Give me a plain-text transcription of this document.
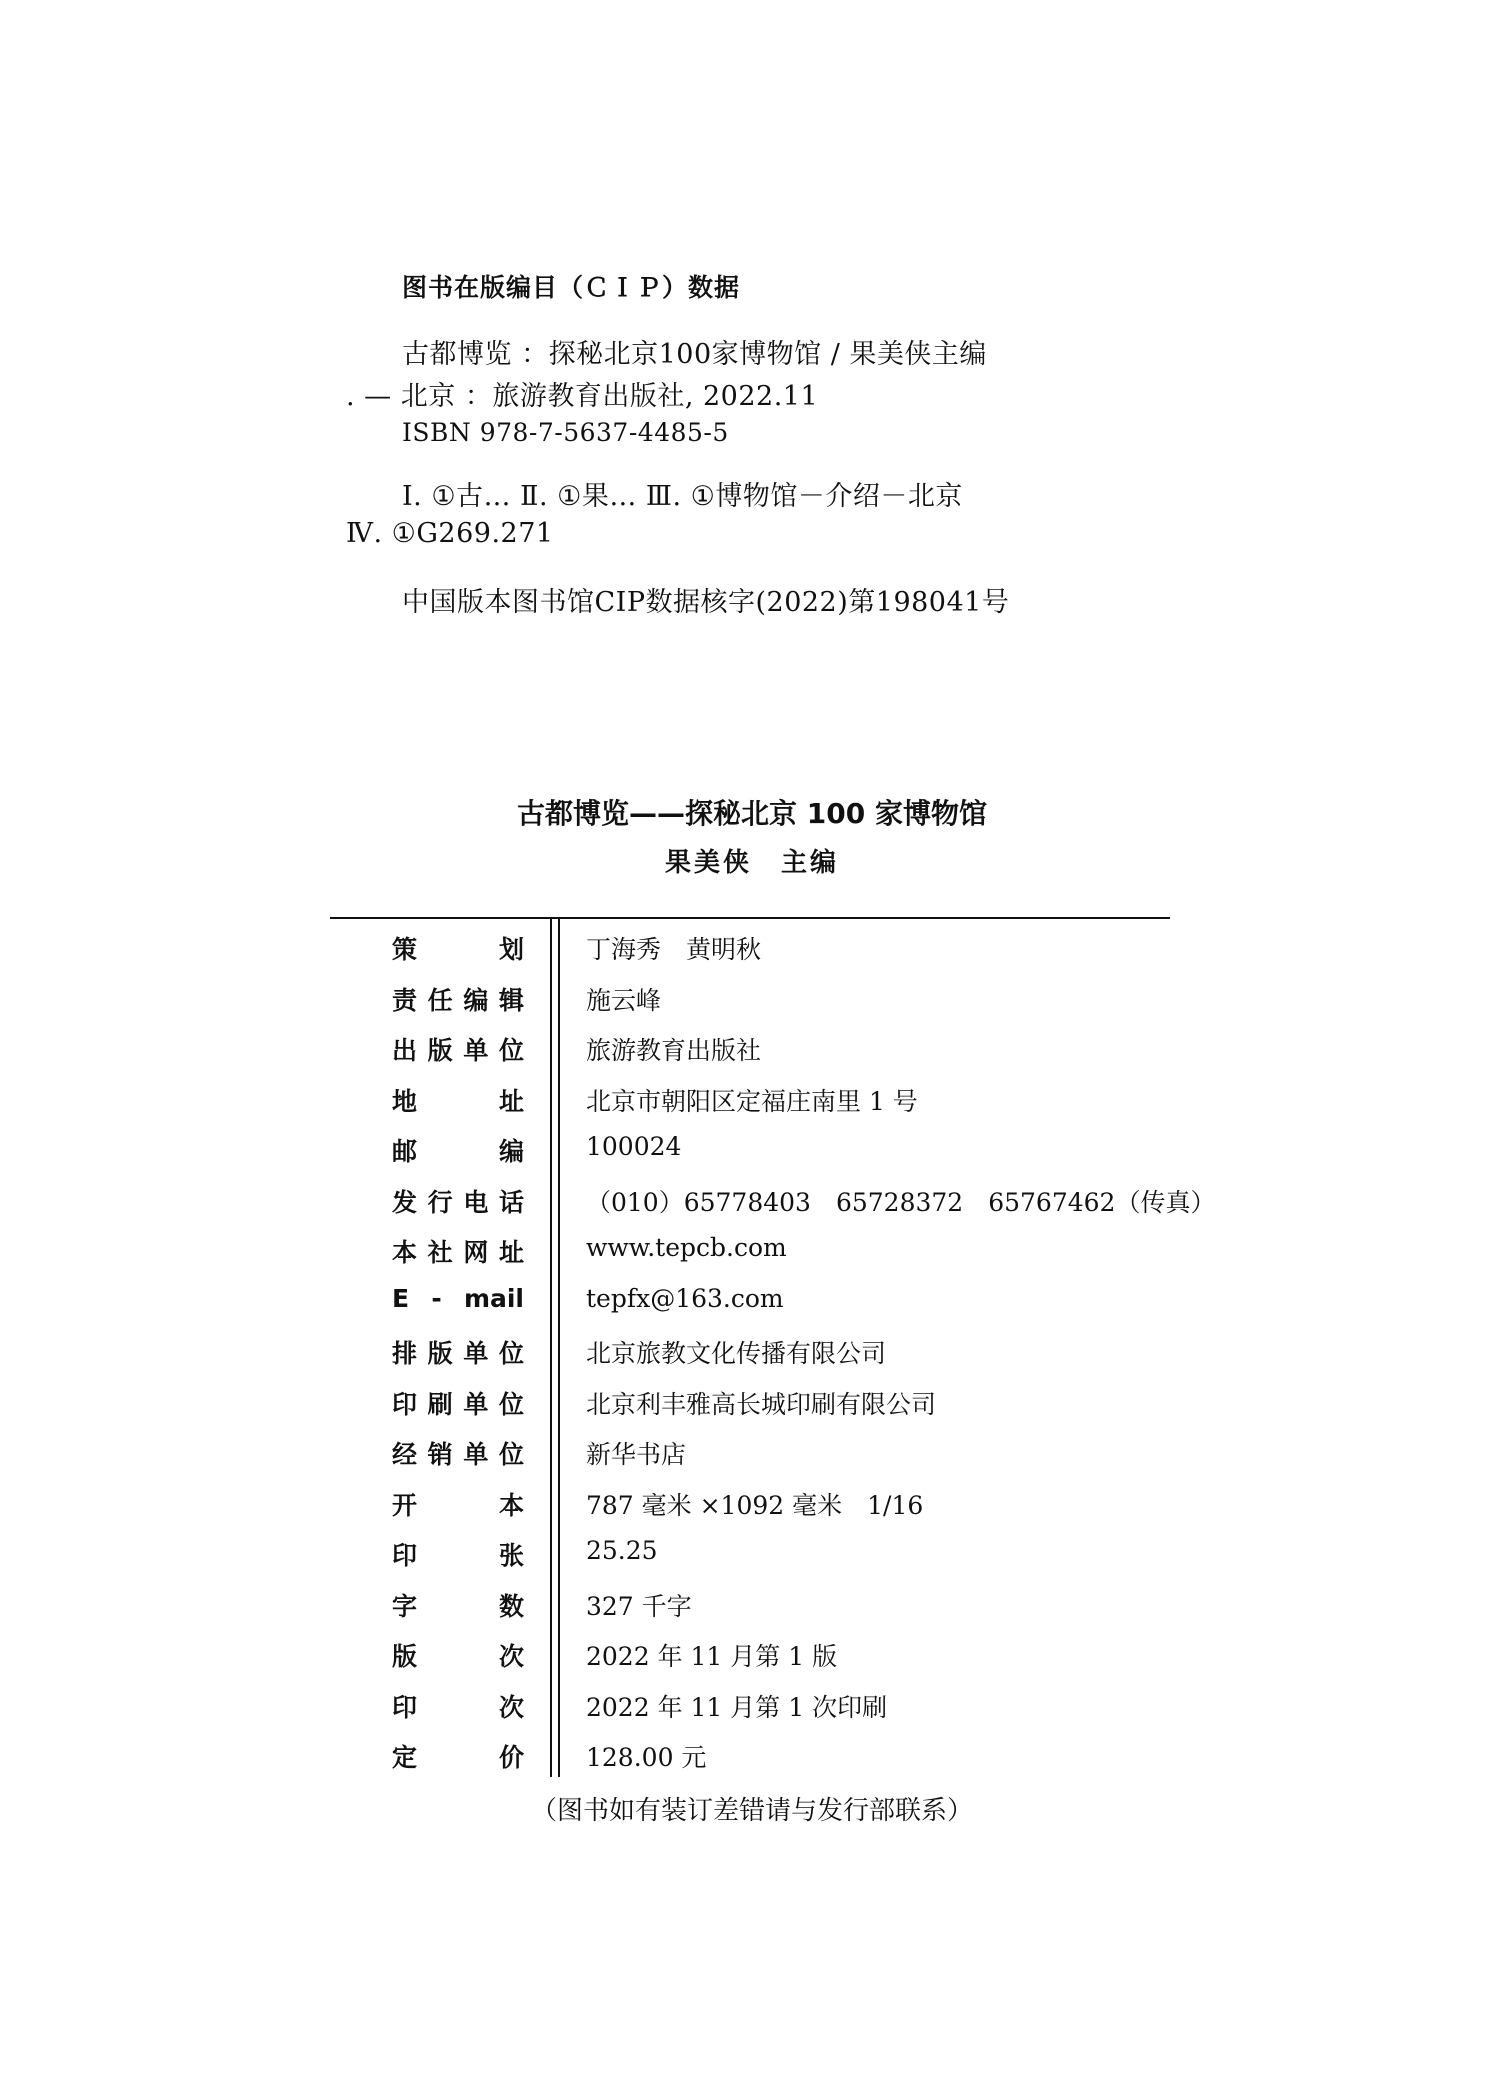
图书在版编目（ＣＩＰ）数据
古都博览 ：探秘北京100家博物馆 / 果美侠主编
. — 北京 ：旅游教育出版社, 2022.11
ISBN 978-7-5637-4485-5
Ⅰ. ①古… Ⅱ. ①果… Ⅲ. ①博物馆－介绍－北京
Ⅳ. ①G269.271
中国版本图书馆CIP数据核字(2022)第198041号
古都博览——探秘北京 100 家博物馆
果美侠　主编
策　划 丁海秀　黄明秋
责任编辑 施云峰
出版单位 旅游教育出版社
地　址 北京市朝阳区定福庄南里 1 号
邮　编 100024
发行电话 （010）65778403　65728372　65767462（传真）
本社网址 www.tepcb.com
E - mail tepfx@163.com
排版单位 北京旅教文化传播有限公司
印刷单位 北京利丰雅高长城印刷有限公司
经销单位 新华书店
开　本 787 毫米 ×1092 毫米　1/16
印　张 25.25
字　数 327 千字
版　次 2022 年 11 月第 1 版
印　次 2022 年 11 月第 1 次印刷
定　价 128.00 元
（图书如有装订差错请与发行部联系）
